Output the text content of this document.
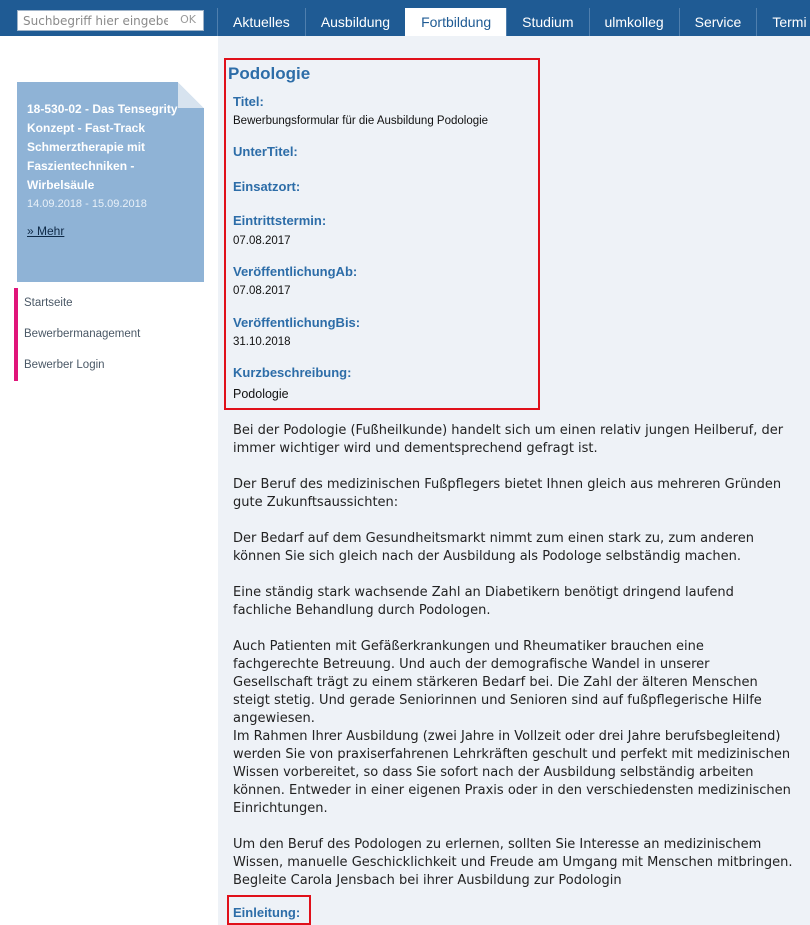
Suchbegriff hier eingeben
OK	Aktuelles	Ausbildung	Fortbildung	Studium	ulmkolleg	Service	Termi
18-530-02 - Das Tensegrity Konzept - Fast-Track Schmerztherapie mit Faszientechniken - Wirbelsäule
14.09.2018 - 15.09.2018
» Mehr
Startseite
Bewerbermanagement
Bewerber Login
Podologie
Titel:
Bewerbungsformular für die Ausbildung Podologie
UnterTitel:
Einsatzort:
Eintrittstermin:
07.08.2017
VeröffentlichungAb:
07.08.2017
VeröffentlichungBis:
31.10.2018
Kurzbeschreibung:
Podologie
Bei der Podologie (Fußheilkunde) handelt sich um einen relativ jungen Heilberuf, der immer wichtiger wird und dementsprechend gefragt ist.
Der Beruf des medizinischen Fußpflegers bietet Ihnen gleich aus mehreren Gründen gute Zukunftsaussichten:
Der Bedarf auf dem Gesundheitsmarkt nimmt zum einen stark zu, zum anderen können Sie sich gleich nach der Ausbildung als Podologe selbständig machen.
Eine ständig stark wachsende Zahl an Diabetikern benötigt dringend laufend fachliche Behandlung durch Podologen.
Auch Patienten mit Gefäßerkrankungen und Rheumatiker brauchen eine fachgerechte Betreuung. Und auch der demografische Wandel in unserer Gesellschaft trägt zu einem stärkeren Bedarf bei. Die Zahl der älteren Menschen steigt stetig. Und gerade Seniorinnen und Senioren sind auf fußpflegerische Hilfe angewiesen.
Im Rahmen Ihrer Ausbildung (zwei Jahre in Vollzeit oder drei Jahre berufsbegleitend) werden Sie von praxiserfahrenen Lehrkräften geschult und perfekt mit medizinischen Wissen vorbereitet, so dass Sie sofort nach der Ausbildung selbständig arbeiten können. Entweder in einer eigenen Praxis oder in den verschiedensten medizinischen Einrichtungen.
Um den Beruf des Podologen zu erlernen, sollten Sie Interesse an medizinischem Wissen, manuelle Geschicklichkeit und Freude am Umgang mit Menschen mitbringen. Begleite Carola Jensbach bei ihrer Ausbildung zur Podologin
Einleitung:
